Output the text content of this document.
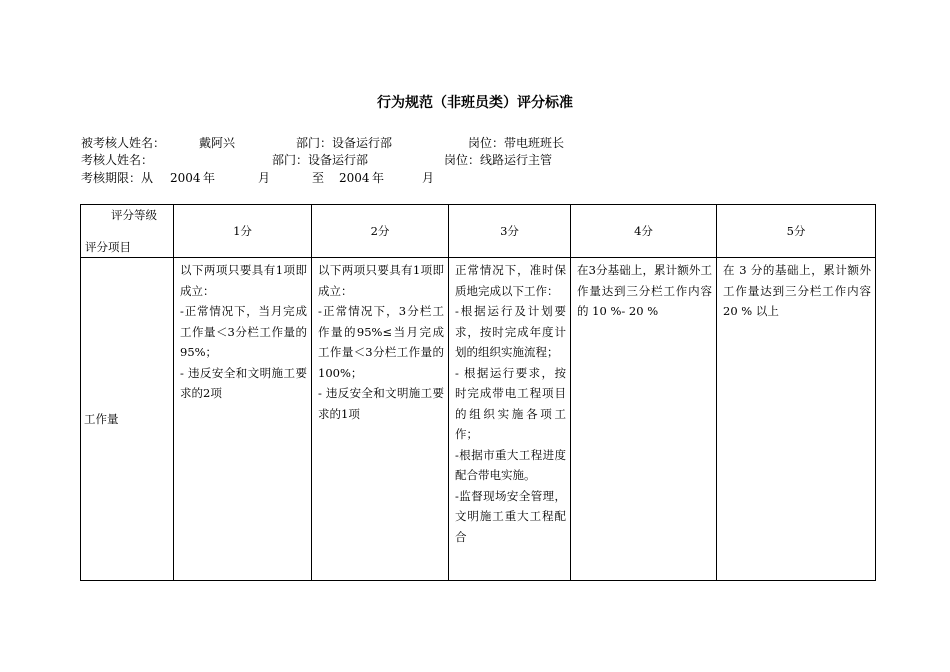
行为规范（非班员类）评分标准
被考核人姓名：	戴阿兴	部门：设备运行部	岗位：带电班班长
考核人姓名：	部门：设备运行部	岗位：线路运行主管
考核期限：从 2004 年	月	至 2004 年	月
评分等级
评分项目	1分	2分	3分	4分	5分
工作量	以下两项只要具有1项即成立：
-正常情况下，当月完成工作量＜3分栏工作量的95%；
- 违反安全和文明施工要求的2项	以下两项只要具有1项即成立：
-正常情况下，3分栏工作量的95%≤当月完成工作量＜3分栏工作量的100%；
- 违反安全和文明施工要求的1项	正常情况下，准时保质地完成以下工作：
-根据运行及计划要求，按时完成年度计划的组织实施流程；
- 根据运行要求，按时完成带电工程项目的组织实施各项工作；
-根据市重大工程进度配合带电实施。
-监督现场安全管理，文明施工重大工程配合	在3分基础上，累计额外工作量达到三分栏工作内容的 10 %- 20 %	在 3 分的基础上，累计额外工作量达到三分栏工作内容　20 % 以上
